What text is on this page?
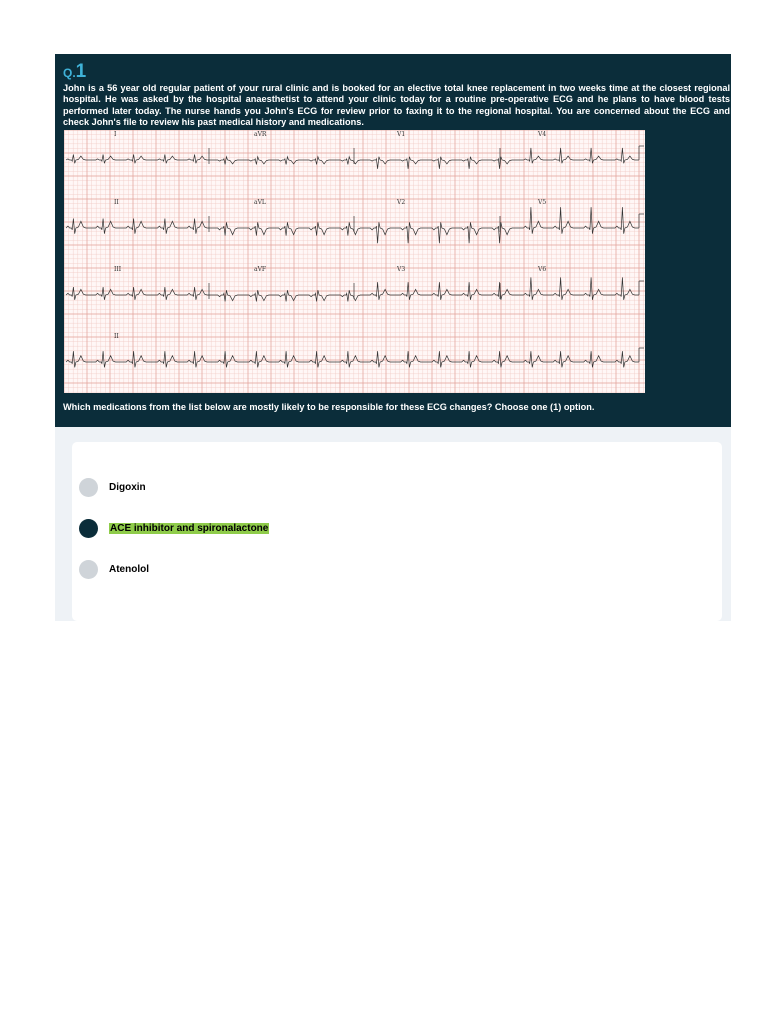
Q.1

John is a 56 year old regular patient of your rural clinic and is booked for an elective total knee replacement in two weeks time at the closest regional hospital. He was asked by the hospital anaesthetist to attend your clinic today for a routine pre-operative ECG and he plans to have blood tests performed later today. The nurse hands you John's ECG for review prior to faxing it to the regional hospital. You are concerned about the ECG and check John's file to review his past medical history and medications.

I	aVR	V1	V4
II	aVL	V2	V5
III	aVF	V3	V6
II

Which medications from the list below are mostly likely to be responsible for these ECG changes? Choose one (1) option.

Digoxin
ACE inhibitor and spironalactone
Atenolol
